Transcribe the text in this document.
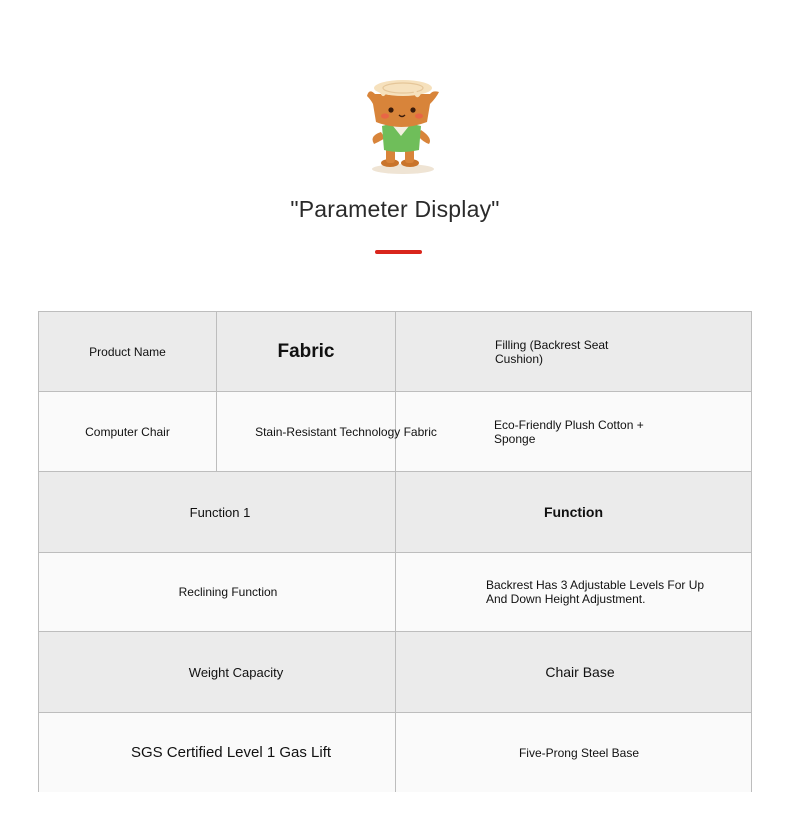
"Parameter Display"
Product Name	Fabric	Filling (Backrest Seat Cushion)
Computer Chair	Stain-Resistant Technology Fabric	Eco-Friendly Plush Cotton + Sponge
Function 1	Function
Reclining Function	Backrest Has 3 Adjustable Levels For Up And Down Height Adjustment.
Weight Capacity	Chair Base
SGS Certified Level 1 Gas Lift	Five-Prong Steel Base
